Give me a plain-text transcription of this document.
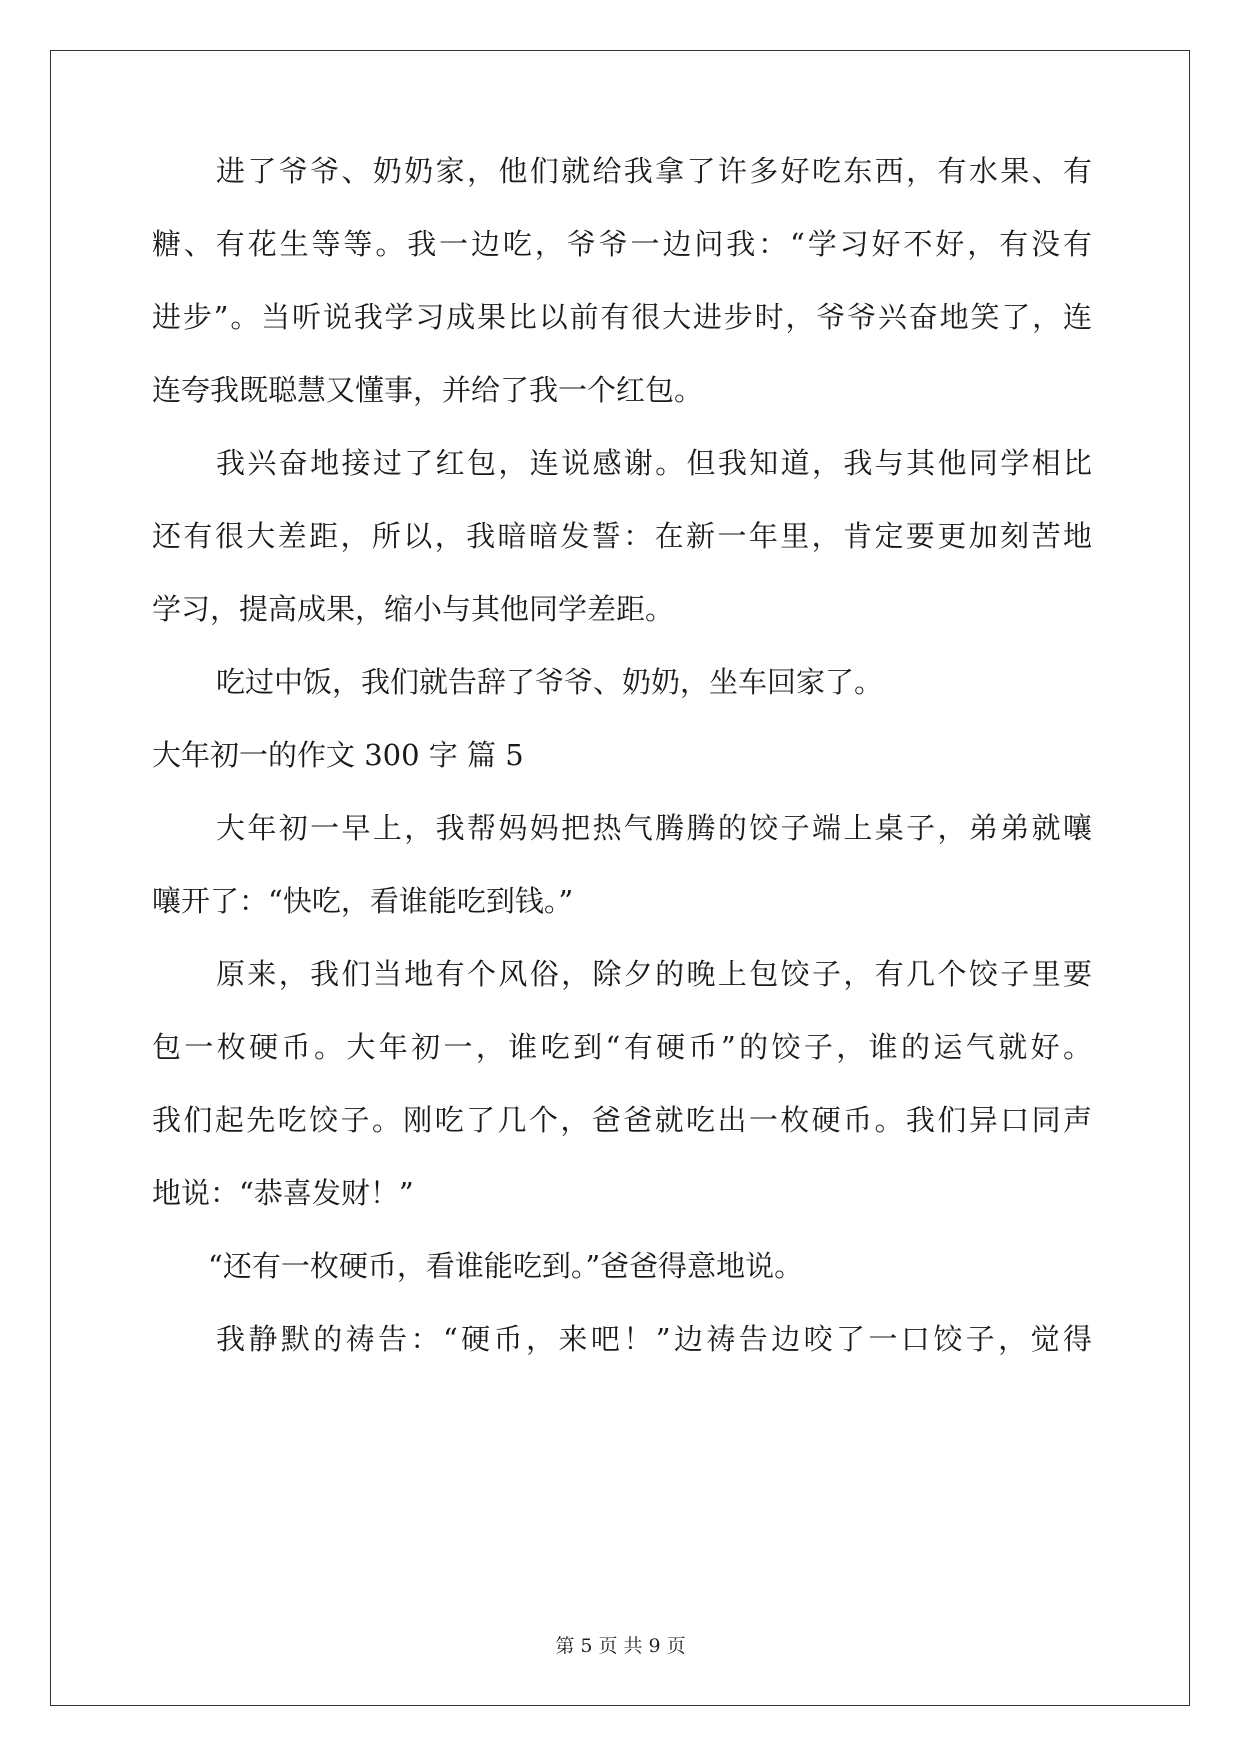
进了爷爷、奶奶家，他们就给我拿了许多好吃东西，有水果、有

糖、有花生等等。我一边吃，爷爷一边问我：“学习好不好，有没有

进步”。当听说我学习成果比以前有很大进步时，爷爷兴奋地笑了，连

连夸我既聪慧又懂事，并给了我一个红包。

我兴奋地接过了红包，连说感谢。但我知道，我与其他同学相比

还有很大差距，所以，我暗暗发誓：在新一年里，肯定要更加刻苦地

学习，提高成果，缩小与其他同学差距。

吃过中饭，我们就告辞了爷爷、奶奶，坐车回家了。

大年初一的作文 300 字 篇 5

大年初一早上，我帮妈妈把热气腾腾的饺子端上桌子，弟弟就嚷

嚷开了：“快吃，看谁能吃到钱。”

原来，我们当地有个风俗，除夕的晚上包饺子，有几个饺子里要

包一枚硬币。大年初一，谁吃到“有硬币”的饺子，谁的运气就好。

我们起先吃饺子。刚吃了几个，爸爸就吃出一枚硬币。我们异口同声

地说：“恭喜发财！”

“还有一枚硬币，看谁能吃到。”爸爸得意地说。

我静默的祷告：“硬币，来吧！”边祷告边咬了一口饺子，觉得

第 5 页 共 9 页
